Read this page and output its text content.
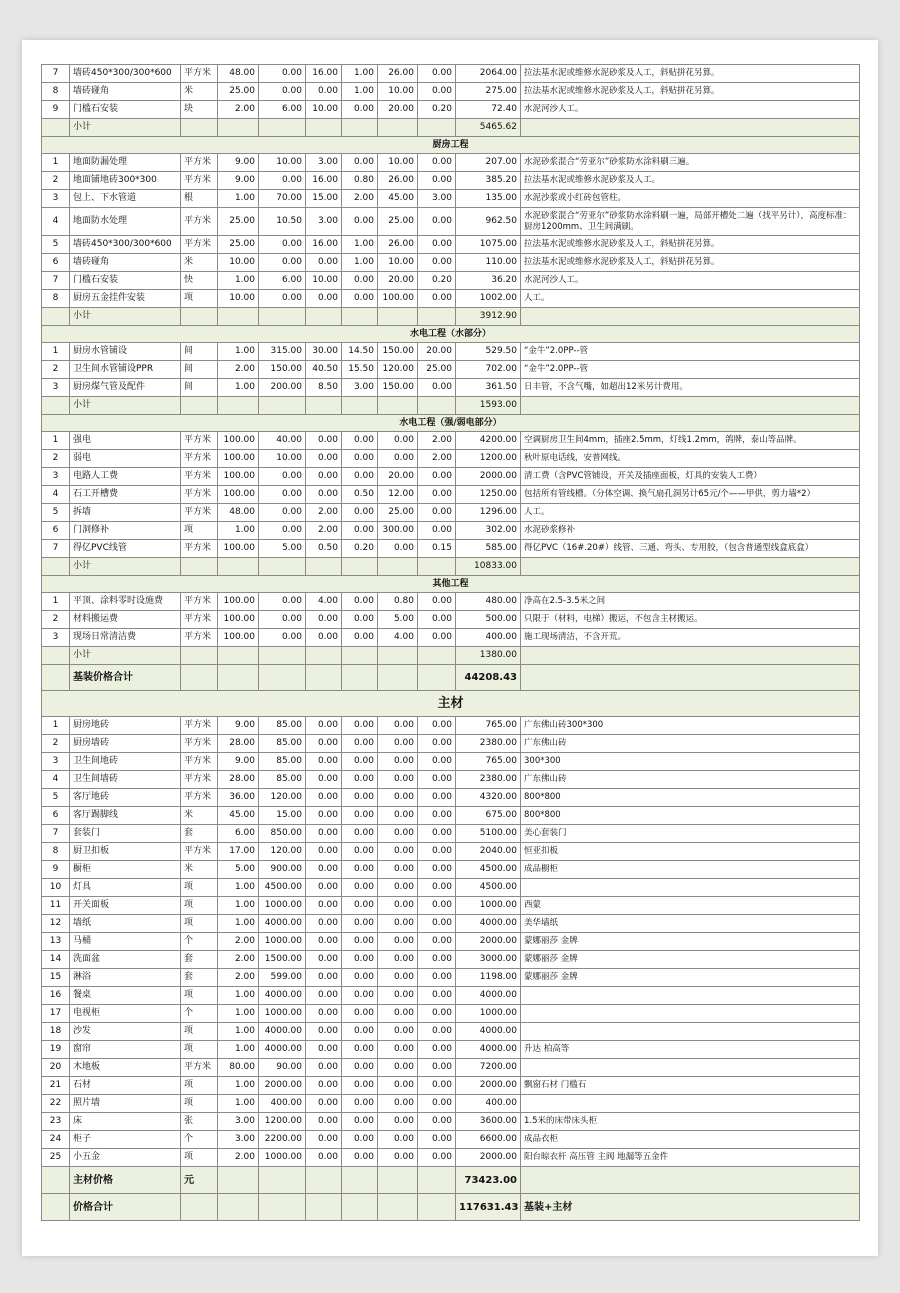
7	墙砖450*300/300*600	平方米	48.00	0.00	16.00	1.00	26.00	0.00	2064.00	拉法基水泥或维修水泥砂浆及人工，斜贴拼花另算。
8	墙砖碰角	米	25.00	0.00	0.00	1.00	10.00	0.00	275.00	拉法基水泥或维修水泥砂浆及人工，斜贴拼花另算。
9	门槛石安装	块	2.00	6.00	10.00	0.00	20.00	0.20	72.40	水泥河沙人工。
	小计								5465.62	
厨房工程										
1	地面防漏处理	平方米	9.00	10.00	3.00	0.00	10.00	0.00	207.00	水泥砂浆混合“劳亚尔”砂浆防水涂料刷三遍。
2	地面铺地砖300*300	平方米	9.00	0.00	16.00	0.80	26.00	0.00	385.20	拉法基水泥或维修水泥砂浆及人工。
3	包上、下水管道	根	1.00	70.00	15.00	2.00	45.00	3.00	135.00	水泥沙浆或小红砖包管柱。
4	地面防水处理	平方米	25.00	10.50	3.00	0.00	25.00	0.00	962.50	水泥砂浆混合“劳亚尔”砂浆防水涂料刷一遍，局部开槽处二遍（找平另计），高度标准：厨房1200mm、卫生间满刷。
5	墙砖450*300/300*600	平方米	25.00	0.00	16.00	1.00	26.00	0.00	1075.00	拉法基水泥或维修水泥砂浆及人工，斜贴拼花另算。
6	墙砖碰角	米	10.00	0.00	0.00	1.00	10.00	0.00	110.00	拉法基水泥或维修水泥砂浆及人工，斜贴拼花另算。
7	门槛石安装	快	1.00	6.00	10.00	0.00	20.00	0.20	36.20	水泥河沙人工。
8	厨房五金挂件安装	项	10.00	0.00	0.00	0.00	100.00	0.00	1002.00	人工。
	小计								3912.90	
水电工程（水部分）										
1	厨房水管铺设	间	1.00	315.00	30.00	14.50	150.00	20.00	529.50	“金牛”2.0PP--管
2	卫生间水管铺设PPR	间	2.00	150.00	40.50	15.50	120.00	25.00	702.00	“金牛”2.0PP--管
3	厨房煤气管及配件	间	1.00	200.00	8.50	3.00	150.00	0.00	361.50	日丰管，不含气嘴，如超出12米另计费用。
	小计								1593.00	
水电工程（强/弱电部分）										
1	强电	平方米	100.00	40.00	0.00	0.00	0.00	2.00	4200.00	空调厨房卫生间4mm，插座2.5mm，灯线1.2mm，鸽牌，泰山等品牌。
2	弱电	平方米	100.00	10.00	0.00	0.00	0.00	2.00	1200.00	秋叶原电话线，安普网线。
3	电路人工费	平方米	100.00	0.00	0.00	0.00	20.00	0.00	2000.00	清工费（含PVC管铺设，开关及插座面板，灯具的安装人工费）
4	石工开槽费	平方米	100.00	0.00	0.00	0.50	12.00	0.00	1250.00	包括所有管线槽。（分体空调、换气扇孔洞另计65元/个——甲供，剪力墙*2）
5	拆墙	平方米	48.00	0.00	2.00	0.00	25.00	0.00	1296.00	人工。
6	门洞修补	项	1.00	0.00	2.00	0.00	300.00	0.00	302.00	水泥砂浆修补
7	得亿PVC线管	平方米	100.00	5.00	0.50	0.20	0.00	0.15	585.00	得亿PVC（16#.20#）线管、三通、弯头、专用胶，（包含普通型线盒底盒）
	小计								10833.00	
其他工程										
1	平顶、涂料零时设施费	平方米	100.00	0.00	4.00	0.00	0.80	0.00	480.00	净高在2.5-3.5米之间
2	材料搬运费	平方米	100.00	0.00	0.00	0.00	5.00	0.00	500.00	只限于（材料，电梯）搬运，不包含主材搬运。
3	现场日常清洁费	平方米	100.00	0.00	0.00	0.00	4.00	0.00	400.00	施工现场清洁，不含开荒。
	小计								1380.00	
	基装价格合计								44208.43	
主材										
1	厨房地砖	平方米	9.00	85.00	0.00	0.00	0.00	0.00	765.00	广东佛山砖300*300
2	厨房墙砖	平方米	28.00	85.00	0.00	0.00	0.00	0.00	2380.00	广东佛山砖
3	卫生间地砖	平方米	9.00	85.00	0.00	0.00	0.00	0.00	765.00	300*300
4	卫生间墙砖	平方米	28.00	85.00	0.00	0.00	0.00	0.00	2380.00	广东佛山砖
5	客厅地砖	平方米	36.00	120.00	0.00	0.00	0.00	0.00	4320.00	800*800
6	客厅踢脚线	米	45.00	15.00	0.00	0.00	0.00	0.00	675.00	800*800
7	套装门	套	6.00	850.00	0.00	0.00	0.00	0.00	5100.00	美心套装门
8	厨卫扣板	平方米	17.00	120.00	0.00	0.00	0.00	0.00	2040.00	恒亚扣板
9	橱柜	米	5.00	900.00	0.00	0.00	0.00	0.00	4500.00	成品橱柜
10	灯具	项	1.00	4500.00	0.00	0.00	0.00	0.00	4500.00	
11	开关面板	项	1.00	1000.00	0.00	0.00	0.00	0.00	1000.00	西蒙
12	墙纸	项	1.00	4000.00	0.00	0.00	0.00	0.00	4000.00	美华墙纸
13	马桶	个	2.00	1000.00	0.00	0.00	0.00	0.00	2000.00	蒙娜丽莎 金牌
14	洗面盆	套	2.00	1500.00	0.00	0.00	0.00	0.00	3000.00	蒙娜丽莎 金牌
15	淋浴	套	2.00	599.00	0.00	0.00	0.00	0.00	1198.00	蒙娜丽莎 金牌
16	餐桌	项	1.00	4000.00	0.00	0.00	0.00	0.00	4000.00	
17	电视柜	个	1.00	1000.00	0.00	0.00	0.00	0.00	1000.00	
18	沙发	项	1.00	4000.00	0.00	0.00	0.00	0.00	4000.00	
19	窗帘	项	1.00	4000.00	0.00	0.00	0.00	0.00	4000.00	升达 柏高等
20	木地板	平方米	80.00	90.00	0.00	0.00	0.00	0.00	7200.00	
21	石材	项	1.00	2000.00	0.00	0.00	0.00	0.00	2000.00	飘窗石材 门槛石
22	照片墙	项	1.00	400.00	0.00	0.00	0.00	0.00	400.00	
23	床	张	3.00	1200.00	0.00	0.00	0.00	0.00	3600.00	1.5米的床带床头柜
24	柜子	个	3.00	2200.00	0.00	0.00	0.00	0.00	6600.00	成品衣柜
25	小五金	项	2.00	1000.00	0.00	0.00	0.00	0.00	2000.00	阳台晾衣杆 高压管 主阀 地漏等五金件
	主材价格	元							73423.00	
	价格合计								117631.43	基装+主材
